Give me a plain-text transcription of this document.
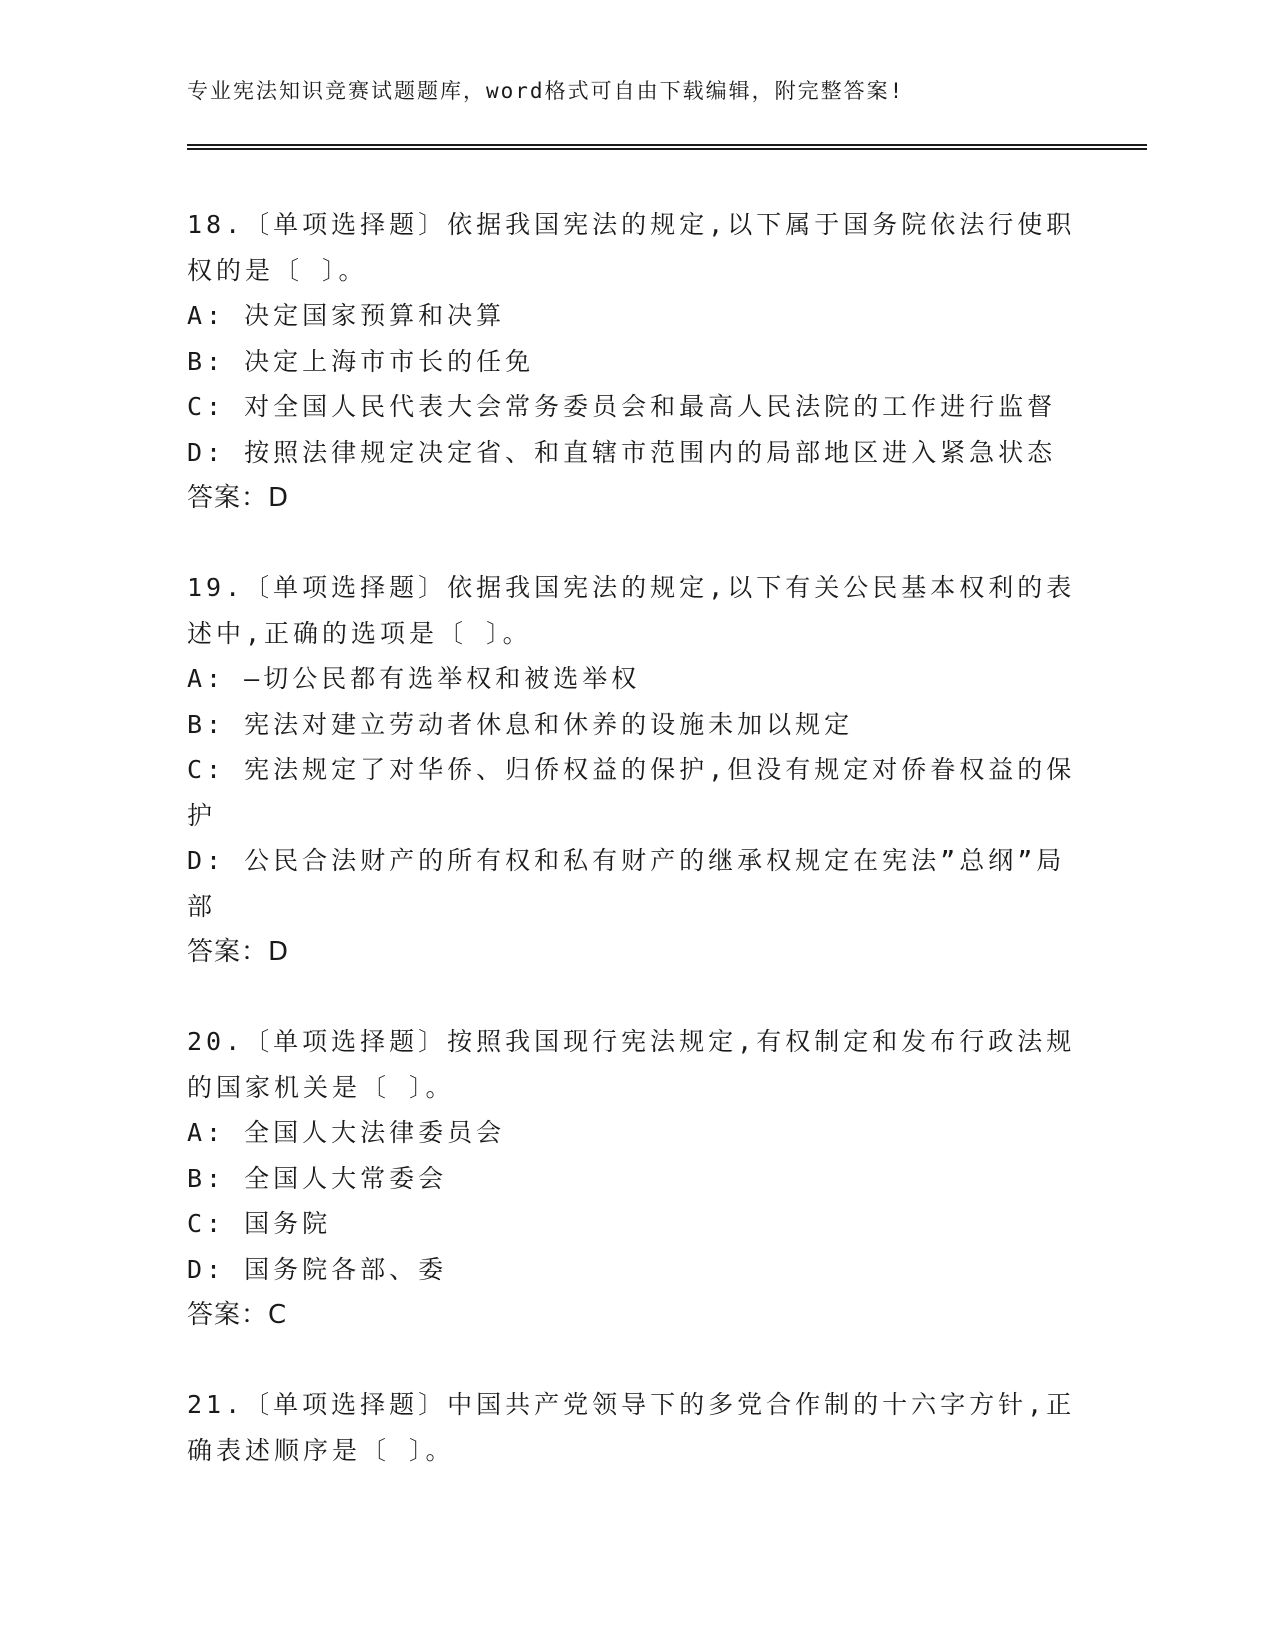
专业宪法知识竞赛试题题库，word格式可自由下载编辑，附完整答案!

18.〔单项选择题〕依据我国宪法的规定,以下属于国务院依法行使职权的是〔 〕。

A: 决定国家预算和决算

B: 决定上海市市长的任免

C: 对全国人民代表大会常务委员会和最高人民法院的工作进行监督

D: 按照法律规定决定省、和直辖市范围内的局部地区进入紧急状态

答案：D

19.〔单项选择题〕依据我国宪法的规定,以下有关公民基本权利的表述中,正确的选项是〔 〕。

A: —切公民都有选举权和被选举权

B: 宪法对建立劳动者休息和休养的设施未加以规定

C: 宪法规定了对华侨、归侨权益的保护,但没有规定对侨眷权益的保护

D: 公民合法财产的所有权和私有财产的继承权规定在宪法”总纲”局部

答案：D

20.〔单项选择题〕按照我国现行宪法规定,有权制定和发布行政法规的国家机关是〔 〕。

A: 全国人大法律委员会

B: 全国人大常委会

C: 国务院

D: 国务院各部、委

答案：C

21.〔单项选择题〕中国共产党领导下的多党合作制的十六字方针,正确表述顺序是〔 〕。
